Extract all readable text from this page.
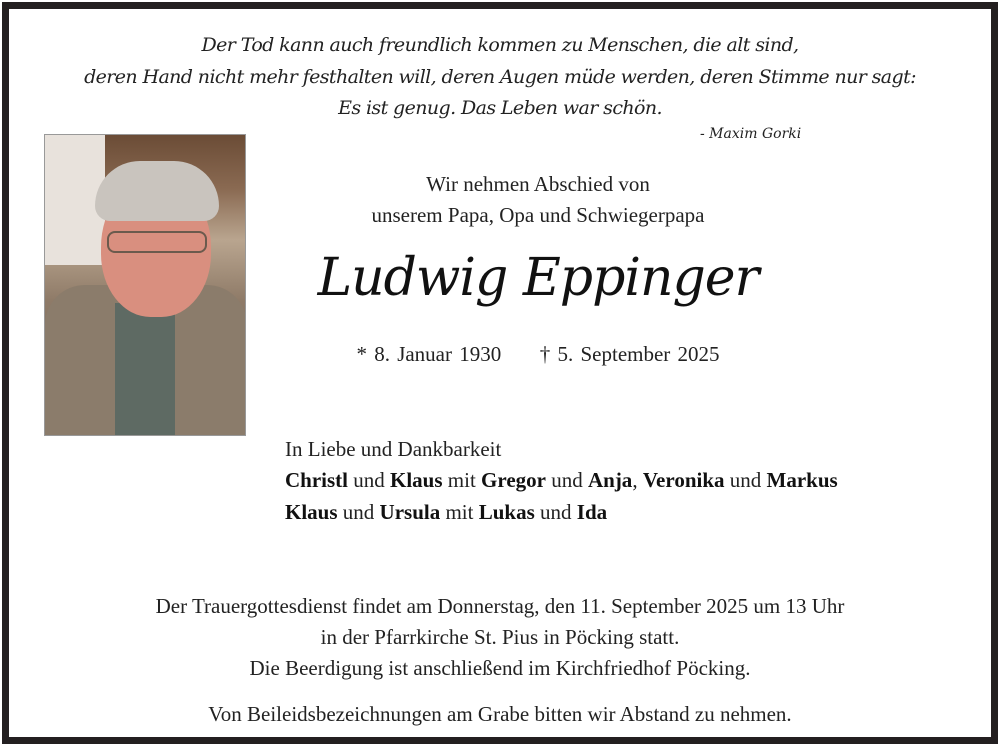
Der Tod kann auch freundlich kommen zu Menschen, die alt sind,
deren Hand nicht mehr festhalten will, deren Augen müde werden, deren Stimme nur sagt:
Es ist genug. Das Leben war schön.
- Maxim Gorki
Wir nehmen Abschied von
unserem Papa, Opa und Schwiegerpapa
Ludwig Eppinger
* 8. Januar 1930 † 5. September 2025
In Liebe und Dankbarkeit
Christl und Klaus mit Gregor und Anja, Veronika und Markus
Klaus und Ursula mit Lukas und Ida
Der Trauergottesdienst findet am Donnerstag, den 11. September 2025 um 13 Uhr
in der Pfarrkirche St. Pius in Pöcking statt.
Die Beerdigung ist anschließend im Kirchfriedhof Pöcking.
Von Beileidsbezeichnungen am Grabe bitten wir Abstand zu nehmen.
